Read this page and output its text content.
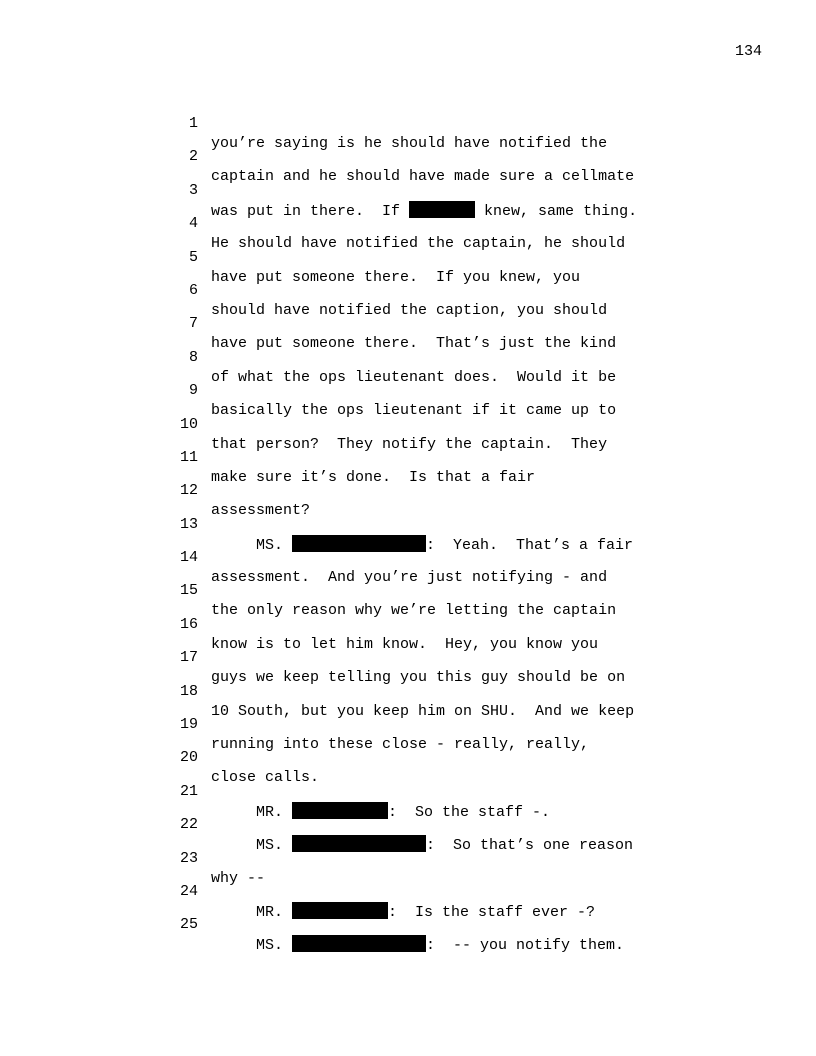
134

1

you’re saying is he should have notified the

2

captain and he should have made sure a cellmate

3

was put in there.  If	knew, same thing.

4

He should have notified the captain, he should

5

have put someone there.  If you knew, you

6

should have notified the caption, you should

7

have put someone there.  That’s just the kind

8

of what the ops lieutenant does.  Would it be

9

basically the ops lieutenant if it came up to

10

that person?  They notify the captain.  They

11

make sure it’s done.  Is that a fair

12

assessment?

13

MS.	:  Yeah.  That’s a fair

14

assessment.  And you’re just notifying - and

15

the only reason why we’re letting the captain

16

know is to let him know.  Hey, you know you

17

guys we keep telling you this guy should be on

18

10 South, but you keep him on SHU.  And we keep

19

running into these close - really, really,

20

close calls.

21

MR.	:  So the staff -.

22

MS.	:  So that’s one reason

23

why --

24

MR.	:  Is the staff ever -?

25

MS.	:  -- you notify them.
